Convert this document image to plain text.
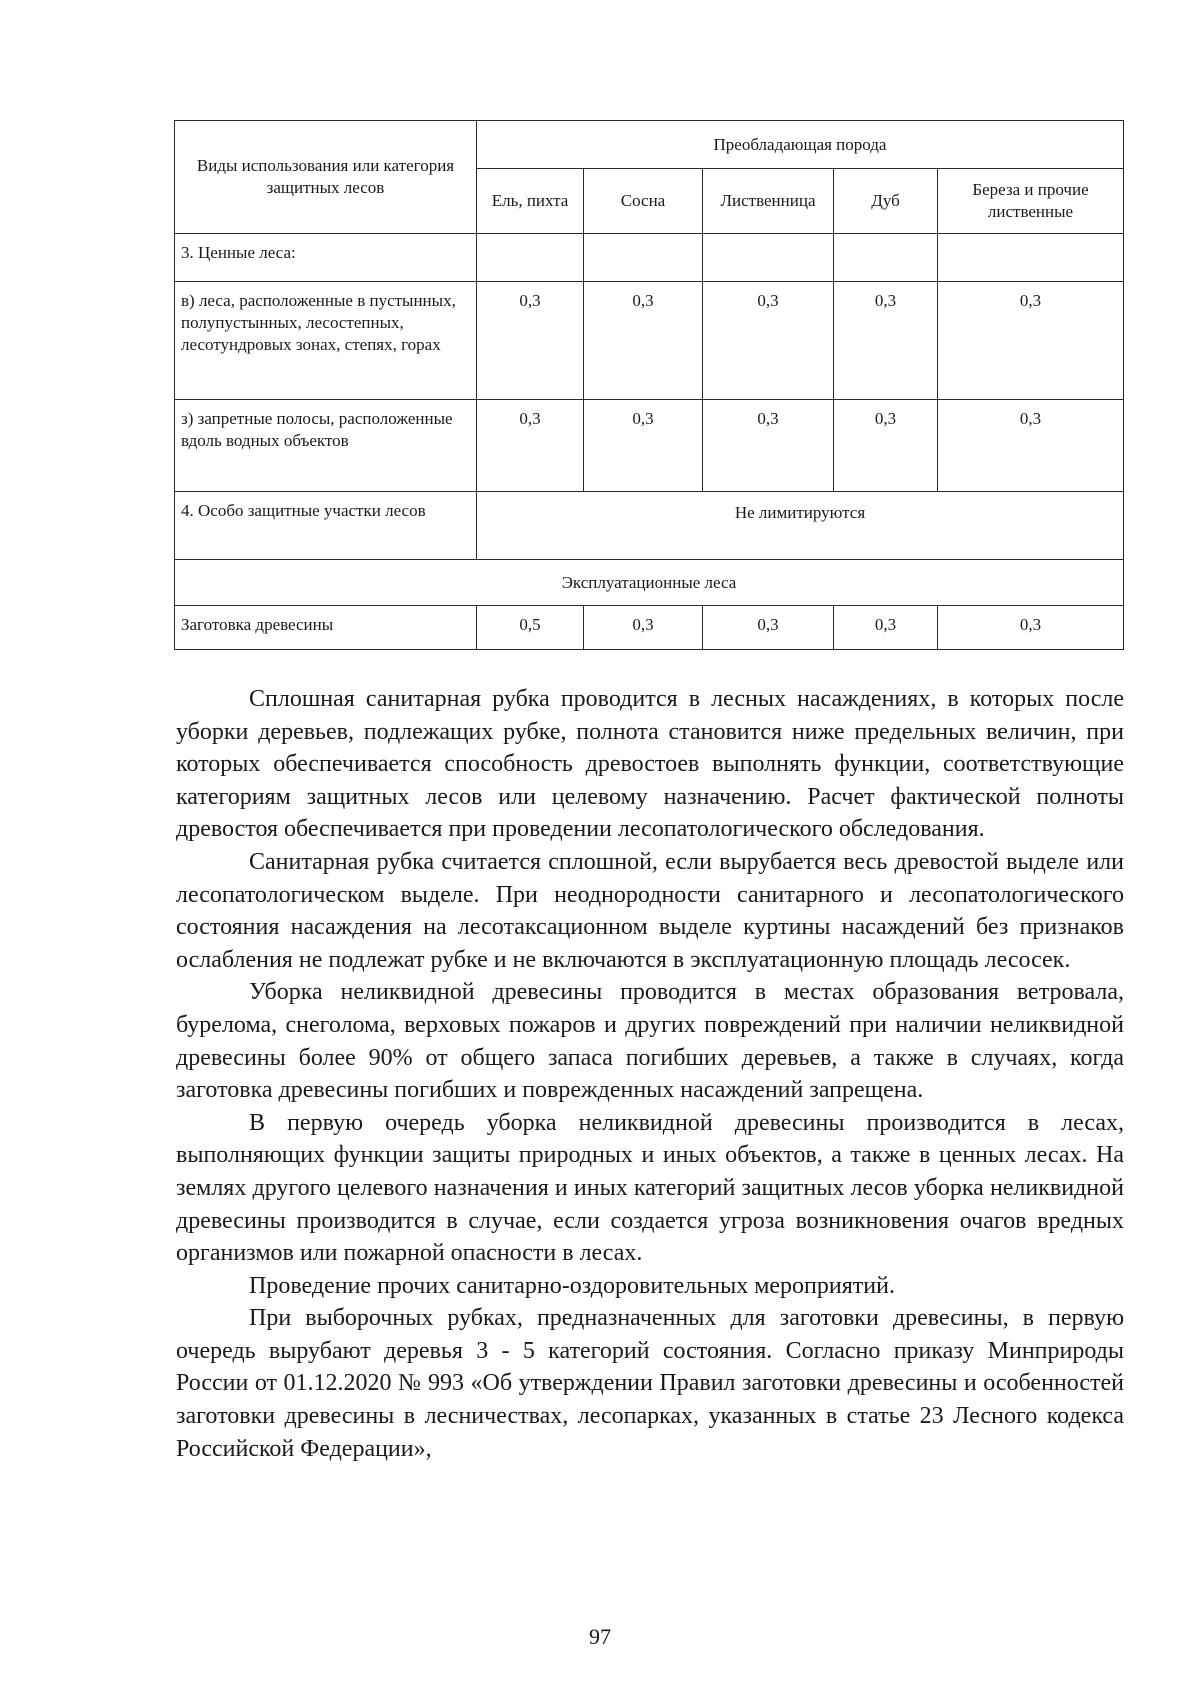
Виды использования или категория защитных лесов	Преобладающая порода				
	Ель, пихта	Сосна	Лиственница	Дуб	Береза и прочие лиственные
3. Ценные леса:					
в) леса, расположенные в пустынных, полупустынных, лесостепных, лесотундровых зонах, степях, горах	0,3	0,3	0,3	0,3	0,3
з) запретные полосы, расположенные вдоль водных объектов	0,3	0,3	0,3	0,3	0,3
4. Особо защитные участки лесов	Не лимитируются				
Эксплуатационные леса					
Заготовка древесины	0,5	0,3	0,3	0,3	0,3

Сплошная санитарная рубка проводится в лесных насаждениях, в которых после уборки деревьев, подлежащих рубке, полнота становится ниже предельных величин, при которых обеспечивается способность древостоев выполнять функции, соответствующие категориям защитных лесов или целевому назначению. Расчет фактической полноты древостоя обеспечивается при проведении лесопатологического обследования.

Санитарная рубка считается сплошной, если вырубается весь древостой выделе или лесопатологическом выделе. При неоднородности санитарного и лесопатологического состояния насаждения на лесотаксационном выделе куртины насаждений без признаков ослабления не подлежат рубке и не включаются в эксплуатационную площадь лесосек.

Уборка неликвидной древесины проводится в местах образования ветровала, бурелома, снеголома, верховых пожаров и других повреждений при наличии неликвидной древесины более 90% от общего запаса погибших деревьев, а также в случаях, когда заготовка древесины погибших и поврежденных насаждений запрещена.

В первую очередь уборка неликвидной древесины производится в лесах, выполняющих функции защиты природных и иных объектов, а также в ценных лесах. На землях другого целевого назначения и иных категорий защитных лесов уборка неликвидной древесины производится в случае, если создается угроза возникновения очагов вредных организмов или пожарной опасности в лесах.

Проведение прочих санитарно-оздоровительных мероприятий.

При выборочных рубках, предназначенных для заготовки древесины, в первую очередь вырубают деревья 3 - 5 категорий состояния. Согласно приказу Минприроды России от 01.12.2020 № 993 «Об утверждении Правил заготовки древесины и особенностей заготовки древесины в лесничествах, лесопарках, указанных в статье 23 Лесного кодекса Российской Федерации»,

97
